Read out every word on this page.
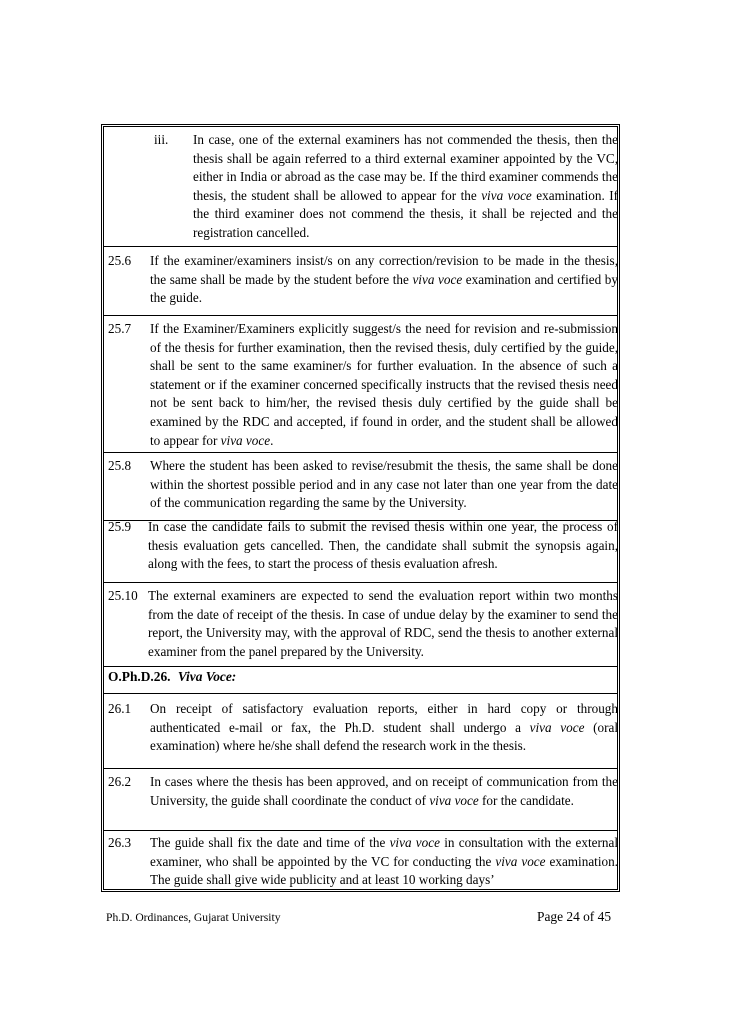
iii. In case, one of the external examiners has not commended the thesis, then the thesis shall be again referred to a third external examiner appointed by the VC, either in India or abroad as the case may be. If the third examiner commends the thesis, the student shall be allowed to appear for the viva voce examination. If the third examiner does not commend the thesis, it shall be rejected and the registration cancelled.
25.6 If the examiner/examiners insist/s on any correction/revision to be made in the thesis, the same shall be made by the student before the viva voce examination and certified by the guide.
25.7 If the Examiner/Examiners explicitly suggest/s the need for revision and re-submission of the thesis for further examination, then the revised thesis, duly certified by the guide, shall be sent to the same examiner/s for further evaluation. In the absence of such a statement or if the examiner concerned specifically instructs that the revised thesis need not be sent back to him/her, the revised thesis duly certified by the guide shall be examined by the RDC and accepted, if found in order, and the student shall be allowed to appear for viva voce.
25.8 Where the student has been asked to revise/resubmit the thesis, the same shall be done within the shortest possible period and in any case not later than one year from the date of the communication regarding the same by the University.
25.9 In case the candidate fails to submit the revised thesis within one year, the process of thesis evaluation gets cancelled. Then, the candidate shall submit the synopsis again, along with the fees, to start the process of thesis evaluation afresh.
25.10 The external examiners are expected to send the evaluation report within two months from the date of receipt of the thesis. In case of undue delay by the examiner to send the report, the University may, with the approval of RDC, send the thesis to another external examiner from the panel prepared by the University.
O.Ph.D.26. Viva Voce:
26.1 On receipt of satisfactory evaluation reports, either in hard copy or through authenticated e-mail or fax, the Ph.D. student shall undergo a viva voce (oral examination) where he/she shall defend the research work in the thesis.
26.2 In cases where the thesis has been approved, and on receipt of communication from the University, the guide shall coordinate the conduct of viva voce for the candidate.
26.3 The guide shall fix the date and time of the viva voce in consultation with the external examiner, who shall be appointed by the VC for conducting the viva voce examination. The guide shall give wide publicity and at least 10 working days’
Ph.D. Ordinances, Gujarat University	Page 24 of 45
